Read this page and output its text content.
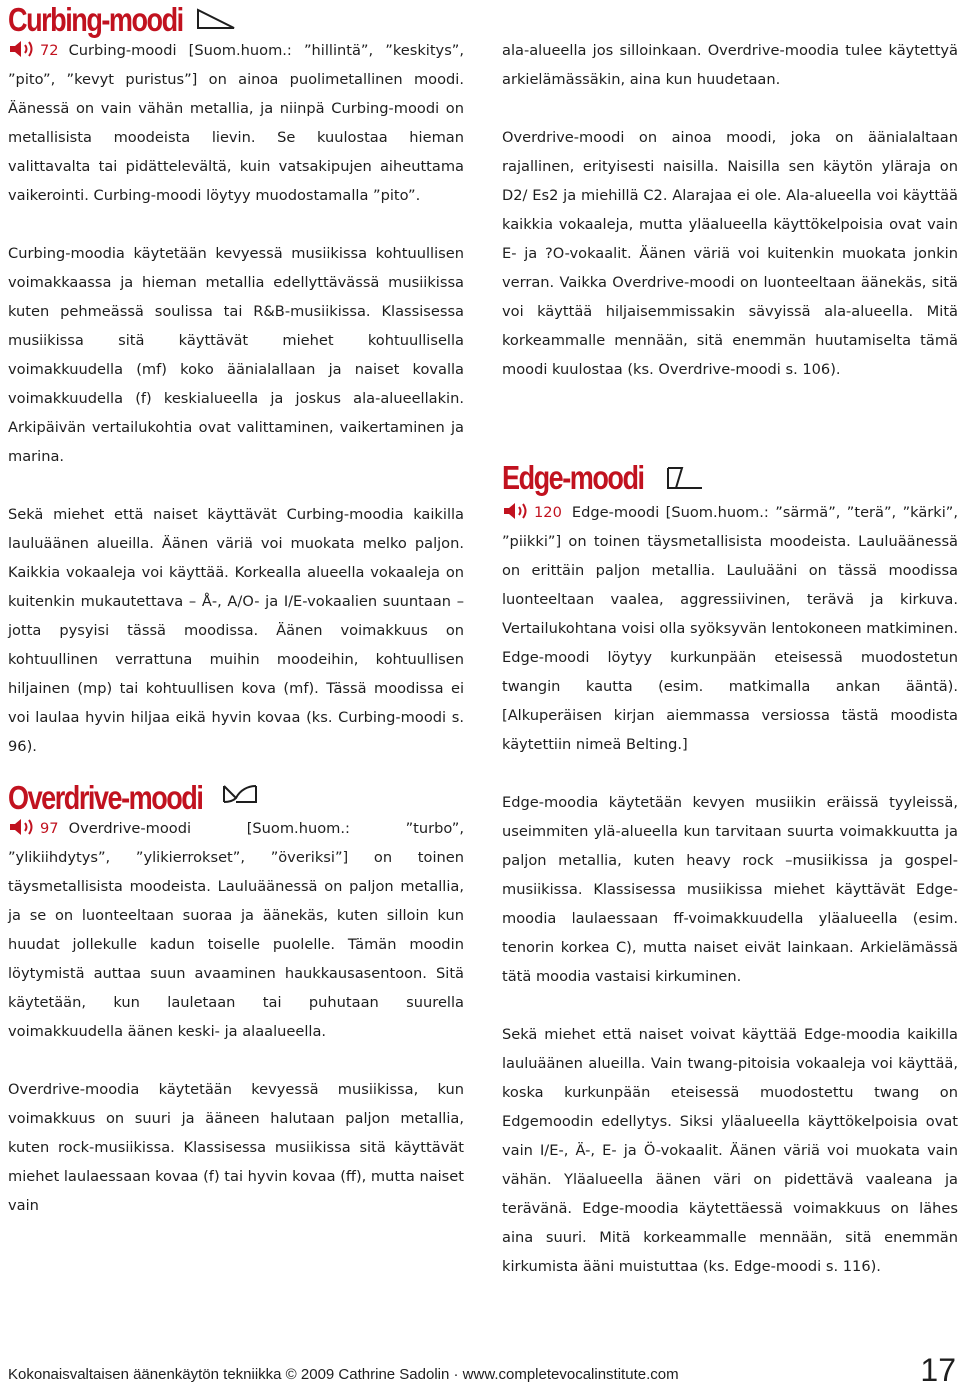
Curbing-moodi

72 Curbing-moodi [Suom.huom.: ”hillintä”, ”keskitys”, ”pito”, ”kevyt puristus”] on ainoa puolimetallinen moodi. Äänessä on vain vähän metallia, ja niinpä Curbing-moodi on metallisista moodeista lievin. Se kuulostaa hieman valittavalta tai pidättelevältä, kuin vatsakipujen aiheuttama vaikerointi. Curbing-moodi löytyy muodostamalla ”pito”.

Curbing-moodia käytetään kevyessä musiikissa kohtuullisen voimakkaassa ja hieman metallia edellyttävässä musiikissa kuten pehmeässä soulissa tai R&B-musiikissa. Klassisessa musiikissa sitä käyttävät miehet kohtuullisella voimakkuudella (mf) koko äänialallaan ja naiset kovalla voimakkuudella (f) keskialueella ja joskus ala-alueellakin. Arkipäivän vertailukohtia ovat valittaminen, vaikertaminen ja marina.

Sekä miehet että naiset käyttävät Curbing-moodia kaikilla lauluäänen alueilla. Äänen väriä voi muokata melko paljon. Kaikkia vokaaleja voi käyttää. Korkealla alueella vokaaleja on kuitenkin mukautettava – Å-, A/O- ja I/E-vokaalien suuntaan – jotta pysyisi tässä moodissa. Äänen voimakkuus on kohtuullinen verrattuna muihin moodeihin, kohtuullisen hiljainen (mp) tai kohtuullisen kova (mf). Tässä moodissa ei voi laulaa hyvin hiljaa eikä hyvin kovaa (ks. Curbing-moodi s. 96).

Overdrive-moodi

97 Overdrive-moodi [Suom.huom.: ”turbo”, ”ylikiihdytys”, ”ylikierrokset”, ”överiksi”] on toinen täysmetallisista moodeista. Lauluäänessä on paljon metallia, ja se on luonteeltaan suoraa ja äänekäs, kuten silloin kun huudat jollekulle kadun toiselle puolelle. Tämän moodin löytymistä auttaa suun avaaminen haukkausasentoon. Sitä käytetään, kun lauletaan tai puhutaan suurella voimakkuudella äänen keski- ja alaalueella.

Overdrive-moodia käytetään kevyessä musiikissa, kun voimakkuus on suuri ja ääneen halutaan paljon metallia, kuten rock-musiikissa. Klassisessa musiikissa sitä käyttävät miehet laulaessaan kovaa (f) tai hyvin kovaa (ff), mutta naiset vain

ala-alueella jos silloinkaan. Overdrive-moodia tulee käytettyä arkielämässäkin, aina kun huudetaan.

Overdrive-moodi on ainoa moodi, joka on äänialaltaan rajallinen, erityisesti naisilla. Naisilla sen käytön yläraja on D2/ Es2 ja miehillä C2. Alarajaa ei ole. Ala-alueella voi käyttää kaikkia vokaaleja, mutta yläalueella käyttökelpoisia ovat vain E- ja ?O-vokaalit. Äänen väriä voi kuitenkin muokata jonkin verran. Vaikka Overdrive-moodi on luonteeltaan äänekäs, sitä voi käyttää hiljaisemmissakin sävyissä ala-alueella. Mitä korkeammalle mennään, sitä enemmän huutamiselta tämä moodi kuulostaa (ks. Overdrive-moodi s. 106).

Edge-moodi

120 Edge-moodi [Suom.huom.: ”särmä”, ”terä”, ”kärki”, ”piikki”] on toinen täysmetallisista moodeista. Lauluäänessä on erittäin paljon metallia. Lauluääni on tässä moodissa luonteeltaan vaalea, aggressiivinen, terävä ja kirkuva. Vertailukohtana voisi olla syöksyvän lentokoneen matkiminen. Edge-moodi löytyy kurkunpään eteisessä muodostetun twangin kautta (esim. matkimalla ankan ääntä). [Alkuperäisen kirjan aiemmassa versiossa tästä moodista käytettiin nimeä Belting.]

Edge-moodia käytetään kevyen musiikin eräissä tyyleissä, useimmiten ylä-alueella kun tarvitaan suurta voimakkuutta ja paljon metallia, kuten heavy rock –musiikissa ja gospel-musiikissa. Klassisessa musiikissa miehet käyttävät Edge-moodia laulaessaan ff-voimakkuudella yläalueella (esim. tenorin korkea C), mutta naiset eivät lainkaan. Arkielämässä tätä moodia vastaisi kirkuminen.

Sekä miehet että naiset voivat käyttää Edge-moodia kaikilla lauluäänen alueilla. Vain twang-pitoisia vokaaleja voi käyttää, koska kurkunpään eteisessä muodostettu twang on Edgemoodin edellytys. Siksi yläalueella käyttökelpoisia ovat vain I/E-, Ä-, E- ja Ö-vokaalit. Äänen väriä voi muokata vain vähän. Yläalueella äänen väri on pidettävä vaaleana ja terävänä. Edge-moodia käytettäessä voimakkuus on lähes aina suuri. Mitä korkeammalle mennään, sitä enemmän kirkumista ääni muistuttaa (ks. Edge-moodi s. 116).

Kokonaisvaltaisen äänenkäytön tekniikka © 2009 Cathrine Sadolin · www.completevocalinstitute.com	17
